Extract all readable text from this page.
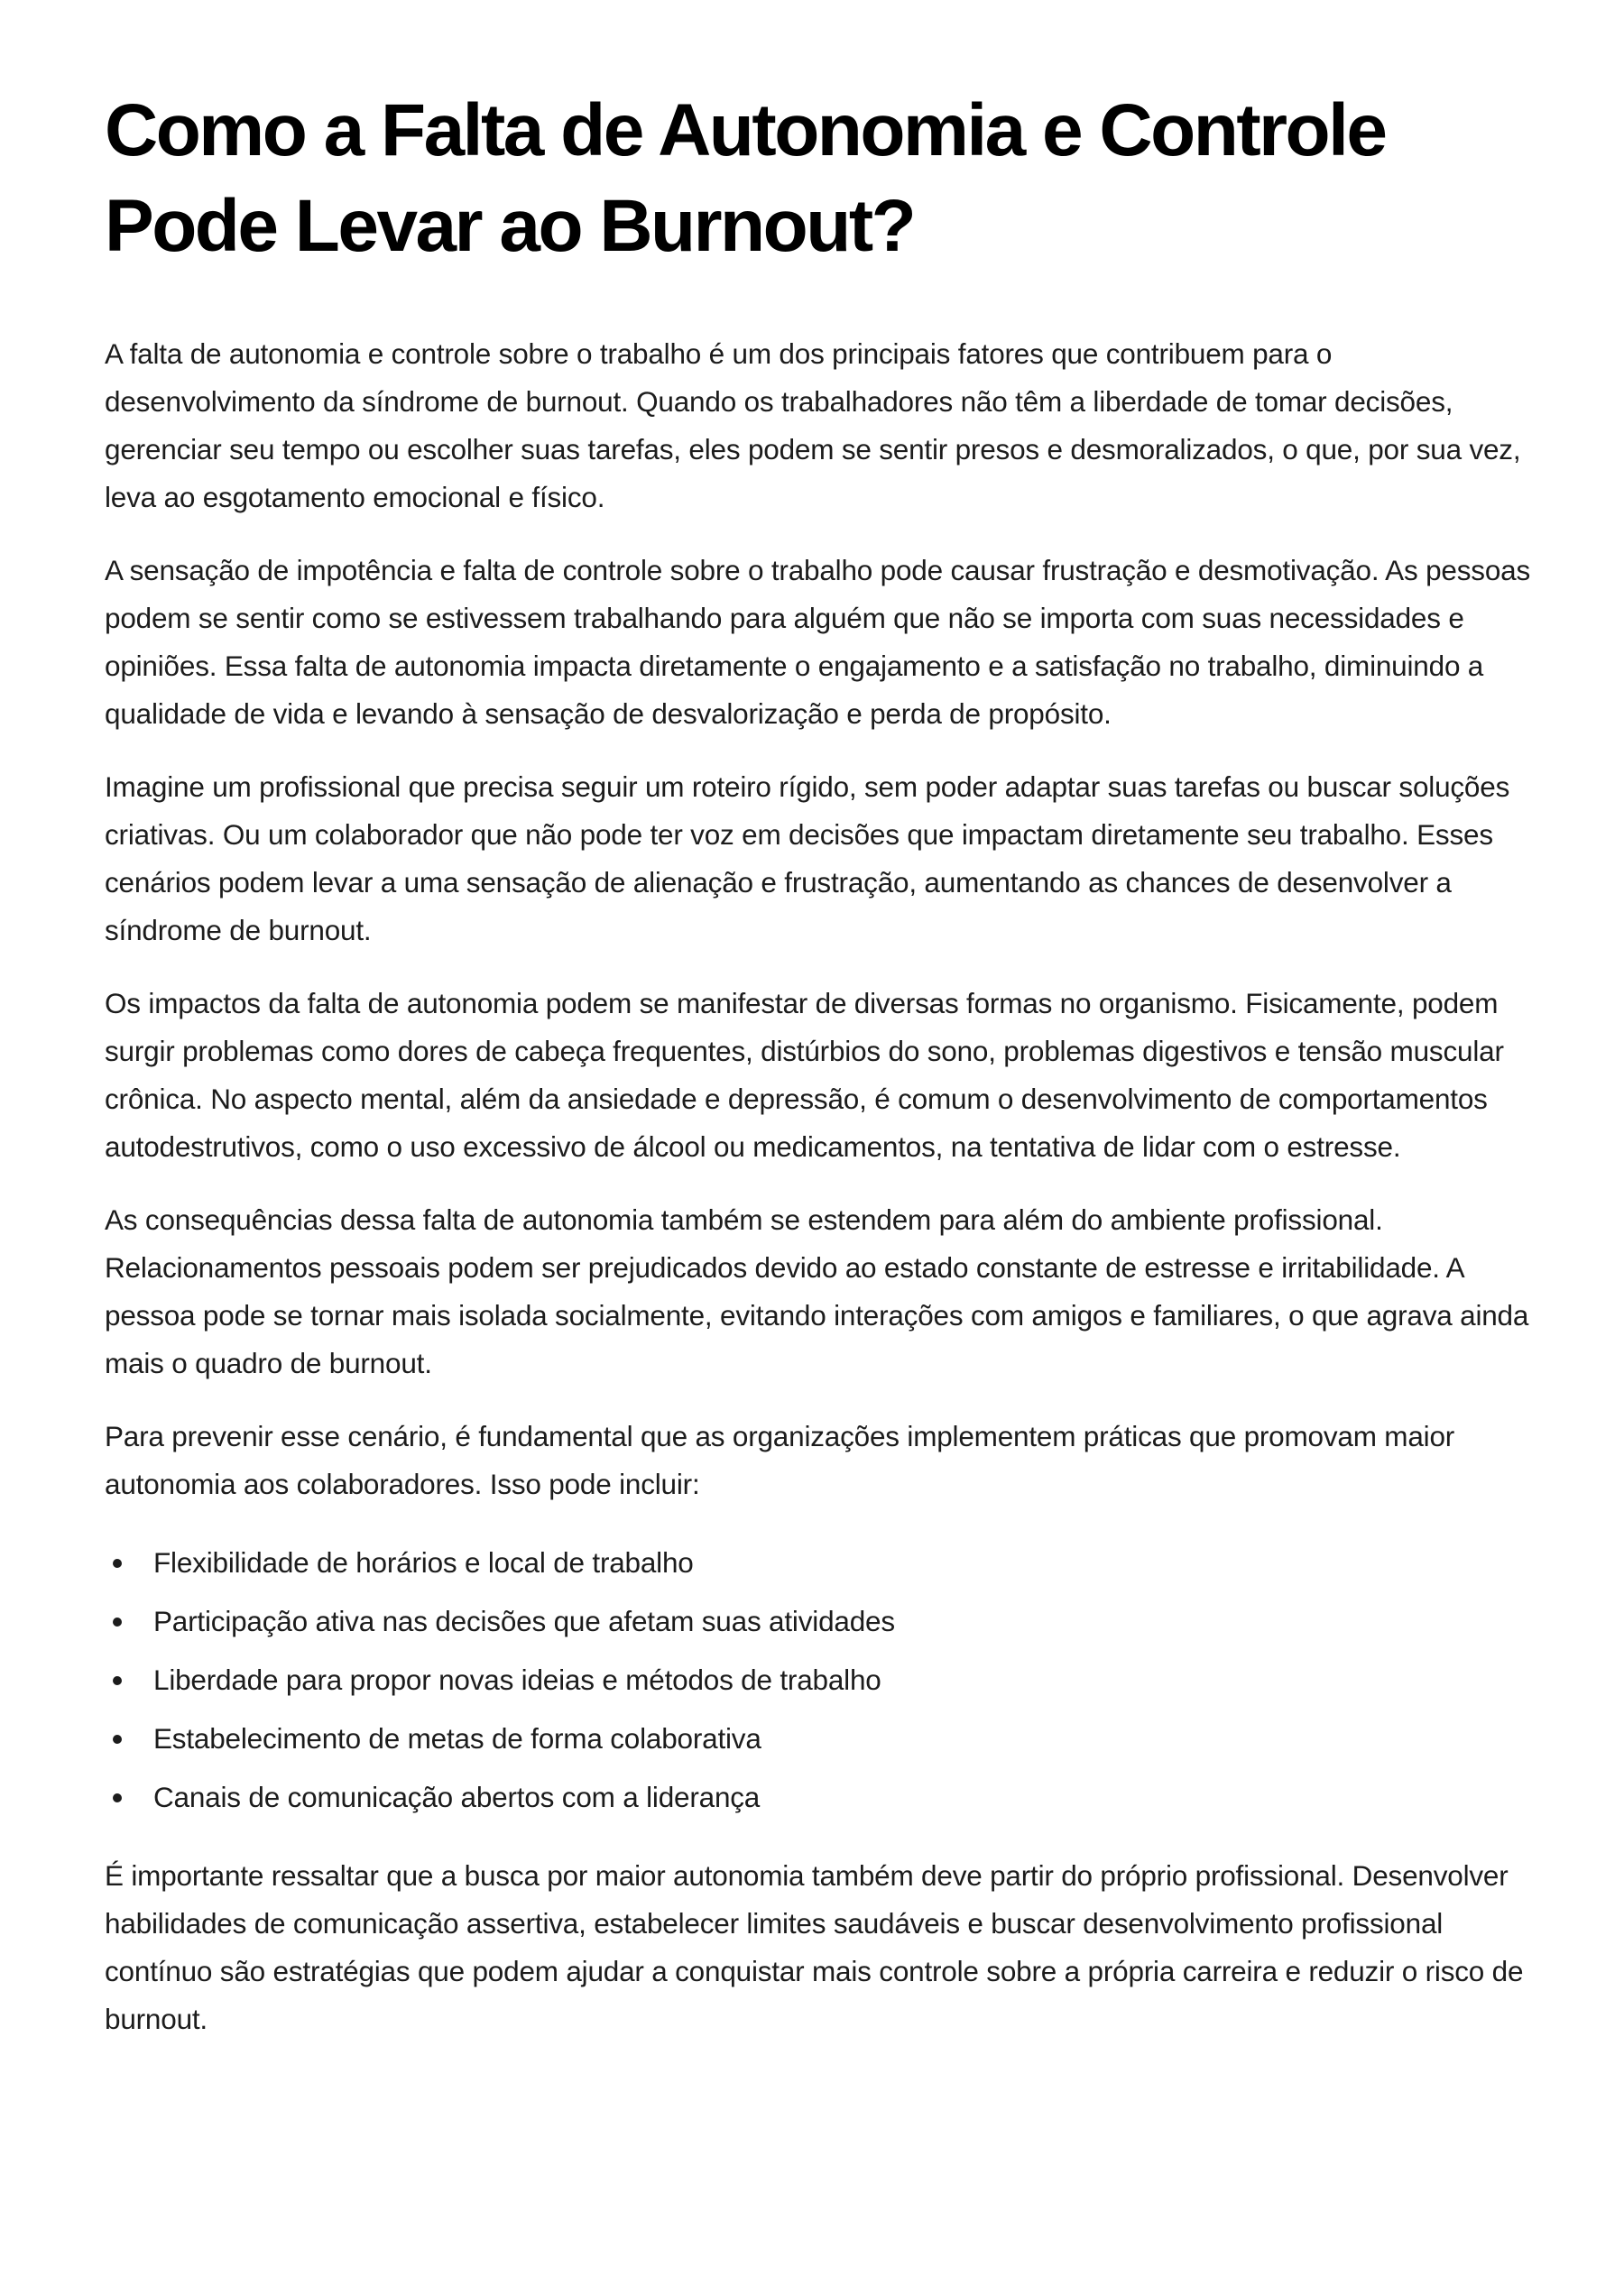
Como a Falta de Autonomia e Controle Pode Levar ao Burnout?

A falta de autonomia e controle sobre o trabalho é um dos principais fatores que contribuem para o desenvolvimento da síndrome de burnout. Quando os trabalhadores não têm a liberdade de tomar decisões, gerenciar seu tempo ou escolher suas tarefas, eles podem se sentir presos e desmoralizados, o que, por sua vez, leva ao esgotamento emocional e físico.

A sensação de impotência e falta de controle sobre o trabalho pode causar frustração e desmotivação. As pessoas podem se sentir como se estivessem trabalhando para alguém que não se importa com suas necessidades e opiniões. Essa falta de autonomia impacta diretamente o engajamento e a satisfação no trabalho, diminuindo a qualidade de vida e levando à sensação de desvalorização e perda de propósito.

Imagine um profissional que precisa seguir um roteiro rígido, sem poder adaptar suas tarefas ou buscar soluções criativas. Ou um colaborador que não pode ter voz em decisões que impactam diretamente seu trabalho. Esses cenários podem levar a uma sensação de alienação e frustração, aumentando as chances de desenvolver a síndrome de burnout.

Os impactos da falta de autonomia podem se manifestar de diversas formas no organismo. Fisicamente, podem surgir problemas como dores de cabeça frequentes, distúrbios do sono, problemas digestivos e tensão muscular crônica. No aspecto mental, além da ansiedade e depressão, é comum o desenvolvimento de comportamentos autodestrutivos, como o uso excessivo de álcool ou medicamentos, na tentativa de lidar com o estresse.

As consequências dessa falta de autonomia também se estendem para além do ambiente profissional. Relacionamentos pessoais podem ser prejudicados devido ao estado constante de estresse e irritabilidade. A pessoa pode se tornar mais isolada socialmente, evitando interações com amigos e familiares, o que agrava ainda mais o quadro de burnout.

Para prevenir esse cenário, é fundamental que as organizações implementem práticas que promovam maior autonomia aos colaboradores. Isso pode incluir:

Flexibilidade de horários e local de trabalho
Participação ativa nas decisões que afetam suas atividades
Liberdade para propor novas ideias e métodos de trabalho
Estabelecimento de metas de forma colaborativa
Canais de comunicação abertos com a liderança

É importante ressaltar que a busca por maior autonomia também deve partir do próprio profissional. Desenvolver habilidades de comunicação assertiva, estabelecer limites saudáveis e buscar desenvolvimento profissional contínuo são estratégias que podem ajudar a conquistar mais controle sobre a própria carreira e reduzir o risco de burnout.
